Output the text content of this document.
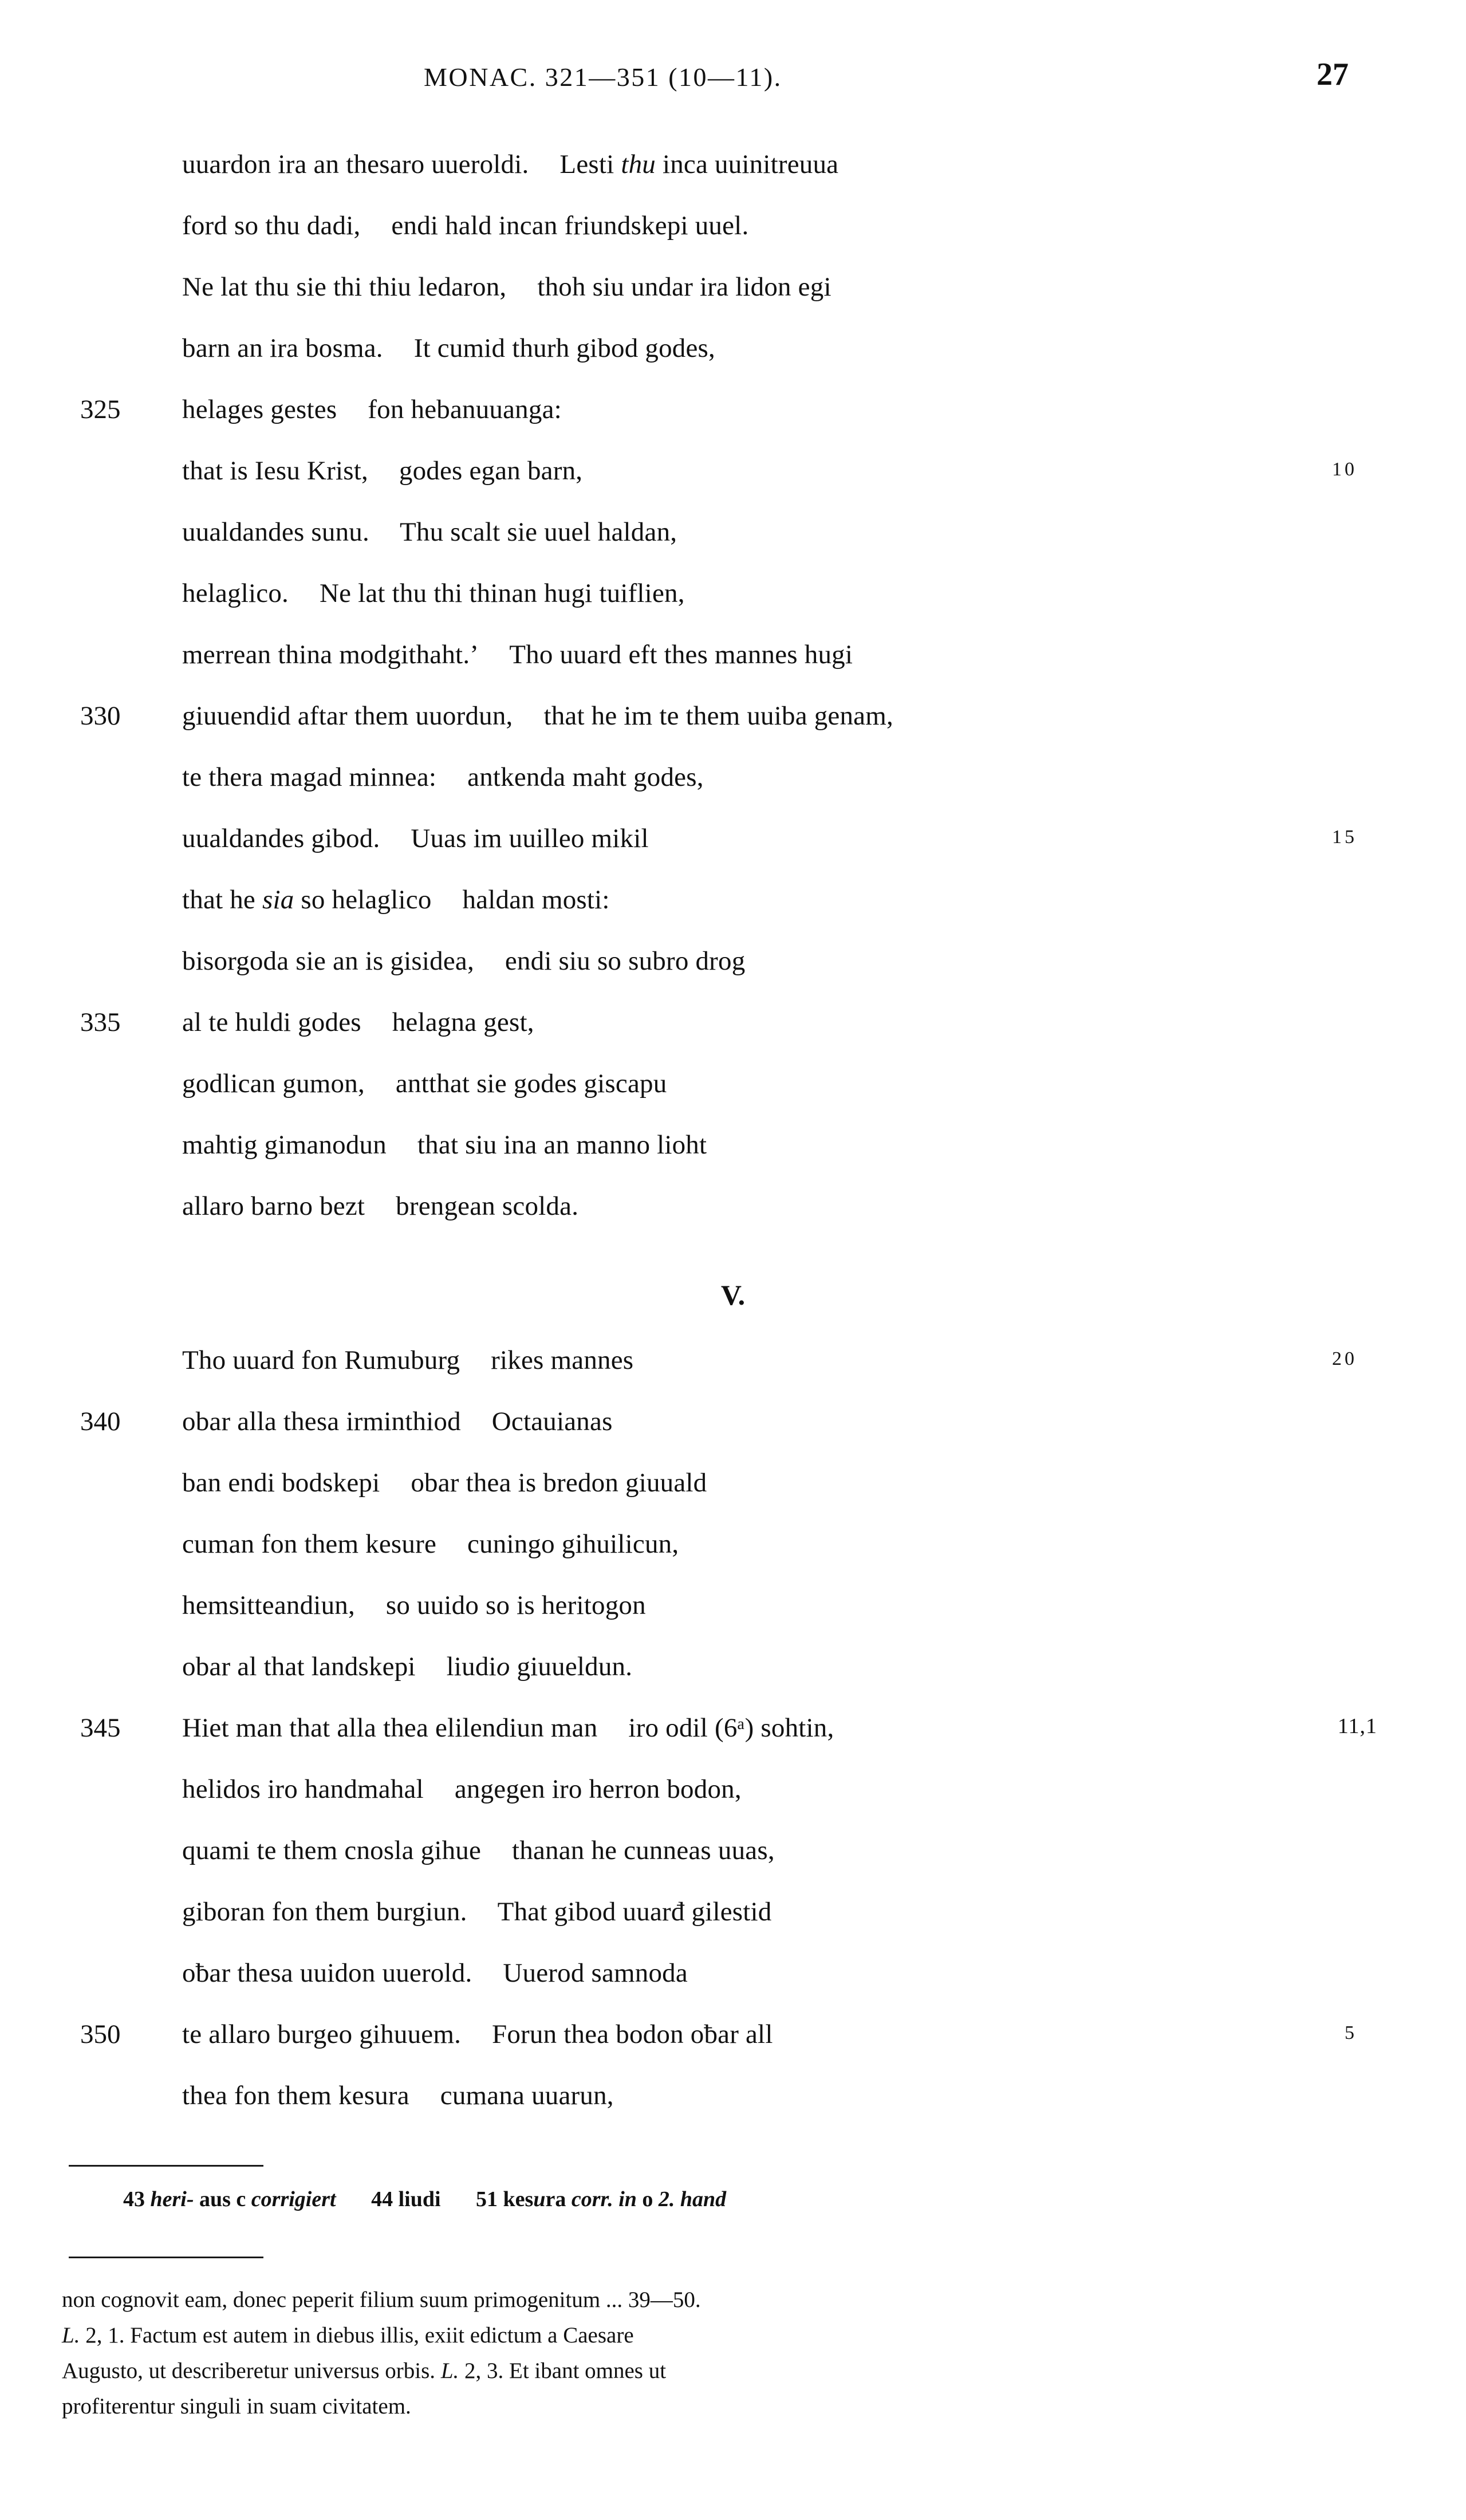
MONAC. 321—351 (10—11).	27
uuardon ira an thesaro uueroldi. Lesti thu inca uuinitreuua
ford so thu dadi, endi hald incan friundskepi uuel.
Ne lat thu sie thi thiu ledaron, thoh siu undar ira lidon egi
barn an ira bosma. It cumid thurh gibod godes,
325	helages gestes fon hebanuuanga:
that is Iesu Krist, godes egan barn,	10
uualdandes sunu. Thu scalt sie uuel haldan,
helaglico. Ne lat thu thi thinan hugi tuiflien,
merrean thina modgithaht.’ Tho uuard eft thes mannes hugi
330	giuuendid aftar them uuordun, that he im te them uuiba genam,
te thera magad minnea: antkenda maht godes,
uualdandes gibod. Uuas im uuilleo mikil	15
that he sia so helaglico haldan mosti:
bisorgoda sie an is gisidea, endi siu so subro drog
335	al te huldi godes helagna gest,
godlican gumon, antthat sie godes giscapu
mahtig gimanodun that siu ina an manno lioht
allaro barno bezt brengean scolda.
V.
Tho uuard fon Rumuburg rikes mannes	20
340	obar alla thesa irminthiod Octauianas
ban endi bodskepi obar thea is bredon giuuald
cuman fon them kesure cuningo gihuilicun,
hemsitteandiun, so uuido so is heritogon
obar al that landskepi liudio giuueldun.
345	Hiet man that alla thea elilendiun man iro odil (6ᵃ) sohtin,	11,1
helidos iro handmahal angegen iro herron bodon,
quami te them cnosla gihue thanan he cunneas uuas,
giboran fon them burgiun. That gibod uuarđ gilestid
oƀar thesa uuidon uuerold. Uuerod samnoda
350	te allaro burgeo gihuuem. Forun thea bodon oƀar all	5
thea fon them kesura cumana uuarun,
43 heri- aus c corrigiert 44 liudi 51 kesura corr. in o 2. hand
non cognovit eam, donec peperit filium suum primogenitum ... 39—50.
L. 2, 1. Factum est autem in diebus illis, exiit edictum a Caesare
Augusto, ut describeretur universus orbis. L. 2, 3. Et ibant omnes ut
profiterentur singuli in suam civitatem.
